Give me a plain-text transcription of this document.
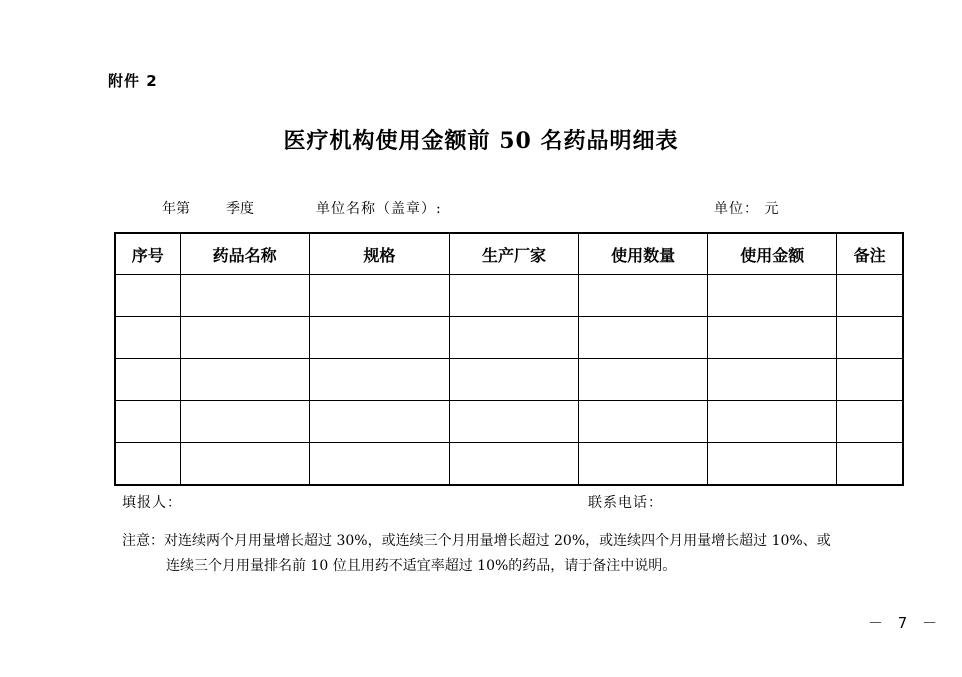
附件 2
医疗机构使用金额前 50 名药品明细表
年第	季度	单位名称（盖章）:	单位： 元
序号	药品名称	规格	生产厂家	使用数量	使用金额	备注

填报人：	联系电话：
注意：对连续两个月用量增长超过 30%，或连续三个月用量增长超过 20%，或连续四个月用量增长超过 10%、或
连续三个月用量排名前 10 位且用药不适宜率超过 10%的药品，请于备注中说明。
－ 7 －
